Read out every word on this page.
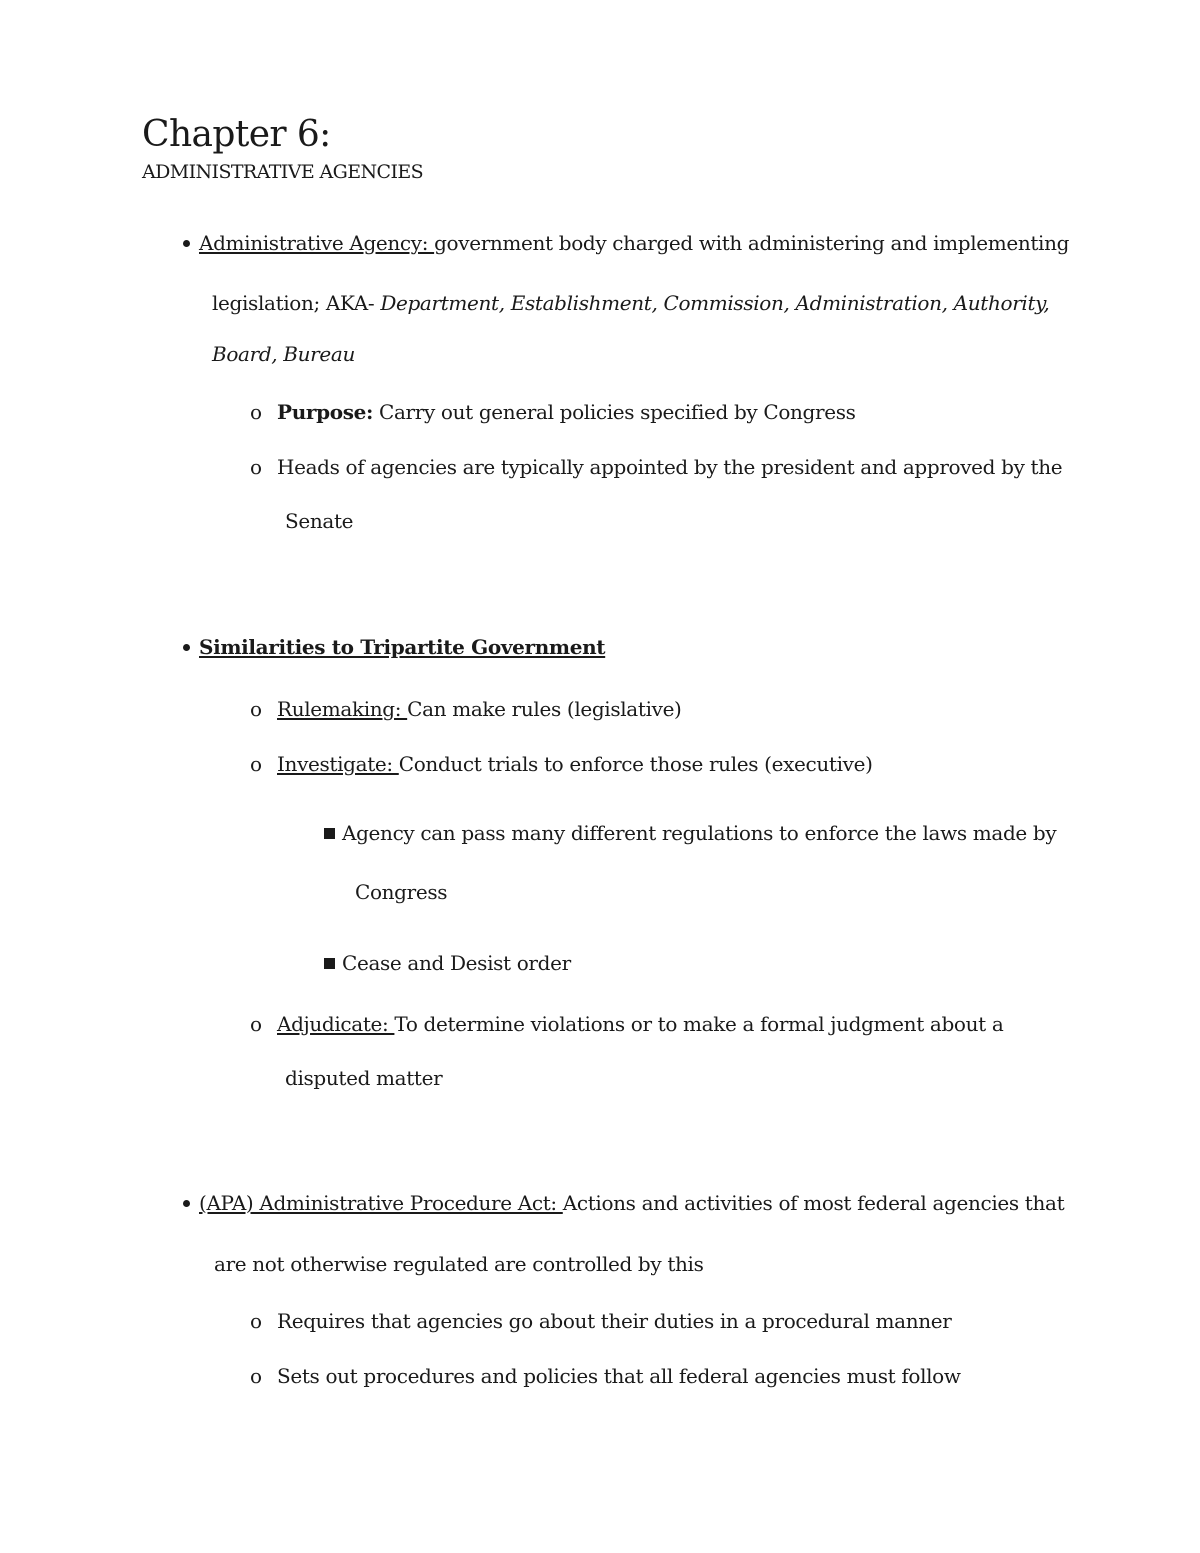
Chapter 6:
ADMINISTRATIVE AGENCIES
Administrative Agency: government body charged with administering and implementing
legislation; AKA- Department, Establishment, Commission, Administration, Authority,
Board, Bureau
o Purpose: Carry out general policies specified by Congress
o Heads of agencies are typically appointed by the president and approved by the
Senate
Similarities to Tripartite Government
o Rulemaking: Can make rules (legislative)
o Investigate: Conduct trials to enforce those rules (executive)
Agency can pass many different regulations to enforce the laws made by
Congress
Cease and Desist order
o Adjudicate: To determine violations or to make a formal judgment about a
disputed matter
(APA) Administrative Procedure Act: Actions and activities of most federal agencies that
are not otherwise regulated are controlled by this
o Requires that agencies go about their duties in a procedural manner
o Sets out procedures and policies that all federal agencies must follow
